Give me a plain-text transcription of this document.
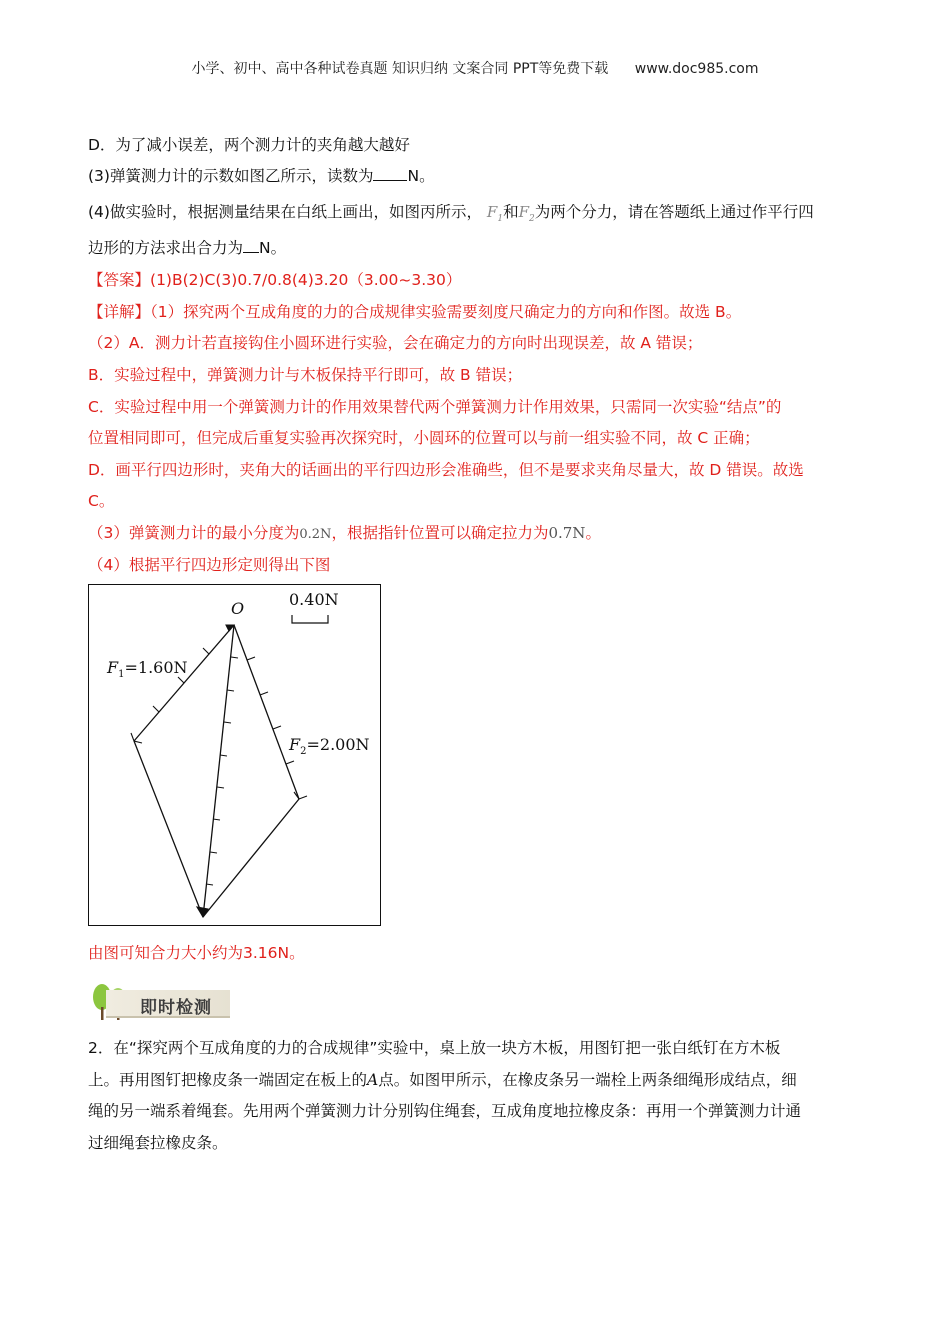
小学、初中、高中各种试卷真题 知识归纳 文案合同 PPT等免费下载 www.doc985.com
D．为了减小误差，两个测力计的夹角越大越好
(3)弹簧测力计的示数如图乙所示，读数为 N。
(4)做实验时，根据测量结果在白纸上画出，如图丙所示， $F_1$和$F_2$为两个分力，请在答题纸上通过作平行四
边形的方法求出合力为 N。
【答案】(1)B(2)C(3)0.7/0.8(4)3.20（3.00~3.30）
【详解】（1）探究两个互成角度的力的合成规律实验需要刻度尺确定力的方向和作图。故选 B。
（2）A．测力计若直接钩住小圆环进行实验，会在确定力的方向时出现误差，故 A 错误；
B．实验过程中，弹簧测力计与木板保持平行即可，故 B 错误；
C．实验过程中用一个弹簧测力计的作用效果替代两个弹簧测力计作用效果，只需同一次实验“结点”的
位置相同即可，但完成后重复实验再次探究时，小圆环的位置可以与前一组实验不同，故 C 正确；
D．画平行四边形时，夹角大的话画出的平行四边形会准确些，但不是要求夹角尽量大，故 D 错误。故选
C。
（3）弹簧测力计的最小分度为0.2N，根据指针位置可以确定拉力为0.7N。
（4）根据平行四边形定则得出下图
O	0.40N
$F_1=1.60N$
$F_2=2.00N$
由图可知合力大小约为3.16N。
即时检测
2．在“探究两个互成角度的力的合成规律”实验中，桌上放一块方木板，用图钉把一张白纸钉在方木板
上。再用图钉把橡皮条一端固定在板上的A点。如图甲所示，在橡皮条另一端栓上两条细绳形成结点，细
绳的另一端系着绳套。先用两个弹簧测力计分别钩住绳套，互成角度地拉橡皮条：再用一个弹簧测力计通
过细绳套拉橡皮条。
